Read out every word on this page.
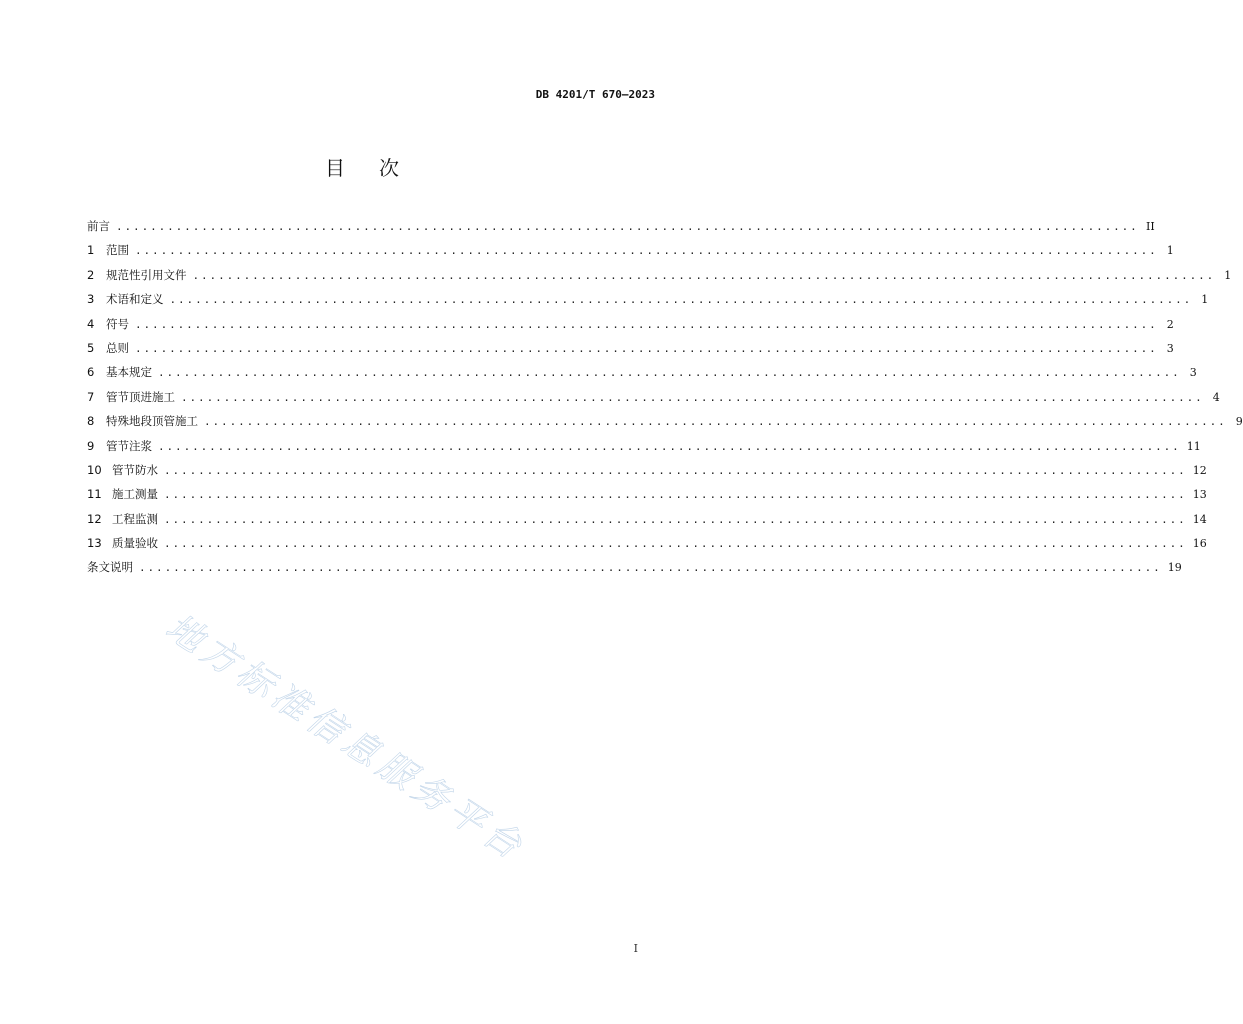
DB 4201/T 670—2023
目次
前言 ........................................................................................................................ II
1	范围 ........................................................................................................................ 1
2	规范性引用文件 ........................................................................................................................ 1
3	术语和定义 ........................................................................................................................ 1
4	符号 ........................................................................................................................ 2
5	总则 ........................................................................................................................ 3
6	基本规定 ........................................................................................................................ 3
7	管节顶进施工 ........................................................................................................................ 4
8	特殊地段顶管施工 ........................................................................................................................ 9
9	管节注浆 ........................................................................................................................ 11
10 管节防水 ........................................................................................................................ 12
11 施工测量 ........................................................................................................................ 13
12 工程监测 ........................................................................................................................ 14
13 质量验收 ........................................................................................................................ 16
条文说明 ........................................................................................................................ 19
地方标准信息服务平台
I
